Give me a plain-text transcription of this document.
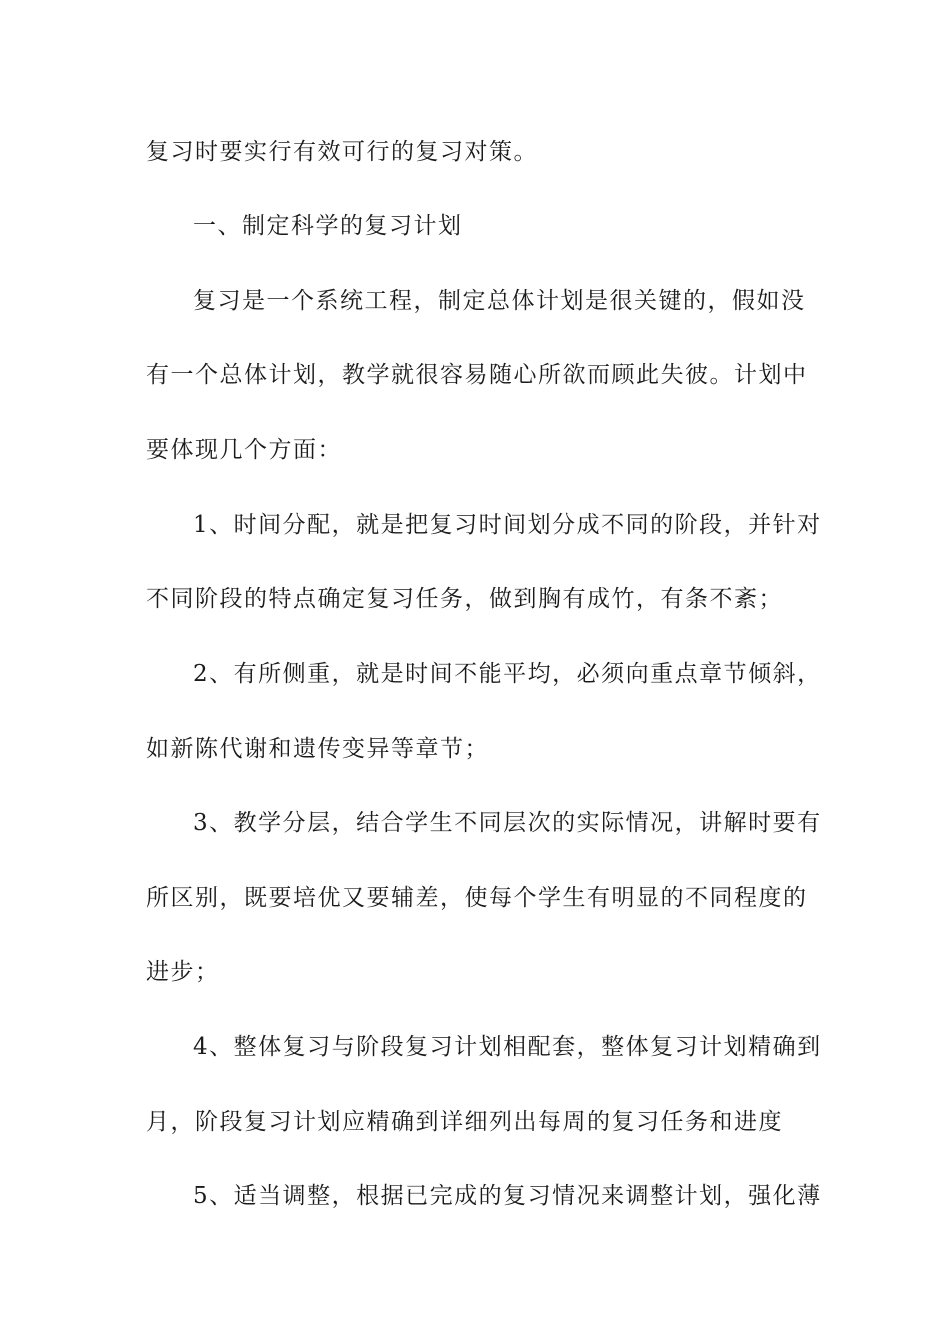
复习时要实行有效可行的复习对策。
一、制定科学的复习计划
复习是一个系统工程，制定总体计划是很关键的，假如没
有一个总体计划，教学就很容易随心所欲而顾此失彼。计划中
要体现几个方面：
1、时间分配，就是把复习时间划分成不同的阶段，并针对
不同阶段的特点确定复习任务，做到胸有成竹，有条不紊；
2、有所侧重，就是时间不能平均，必须向重点章节倾斜，
如新陈代谢和遗传变异等章节；
3、教学分层，结合学生不同层次的实际情况，讲解时要有
所区别，既要培优又要辅差，使每个学生有明显的不同程度的
进步；
4、整体复习与阶段复习计划相配套，整体复习计划精确到
月，阶段复习计划应精确到详细列出每周的复习任务和进度
5、适当调整，根据已完成的复习情况来调整计划，强化薄
